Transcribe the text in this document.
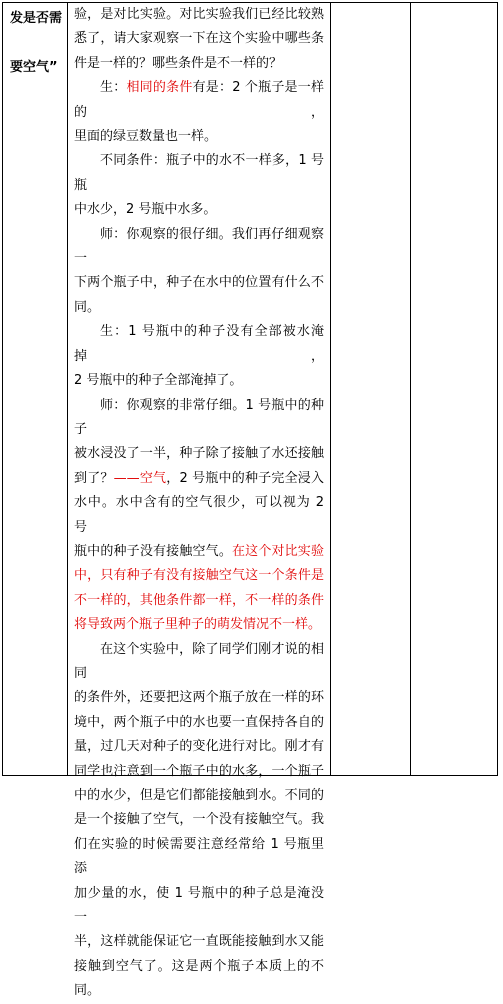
发是否需

要空气”

验，是对比实验。对比实验我们已经比较熟

悉了，请大家观察一下在这个实验中哪些条

件是一样的？哪些条件是不一样的？

生：相同的条件有是：2 个瓶子是一样的，

里面的绿豆数量也一样。

不同条件：瓶子中的水不一样多，1 号瓶

中水少，2 号瓶中水多。

师：你观察的很仔细。我们再仔细观察一

下两个瓶子中，种子在水中的位置有什么不

同。

生：1 号瓶中的种子没有全部被水淹掉，

2 号瓶中的种子全部淹掉了。

师：你观察的非常仔细。1 号瓶中的种子

被水浸没了一半，种子除了接触了水还接触

到了？——空气，2 号瓶中的种子完全浸入

水中。水中含有的空气很少，可以视为 2 号

瓶中的种子没有接触空气。在这个对比实验

中，只有种子有没有接触空气这一个条件是

不一样的，其他条件都一样，不一样的条件

将导致两个瓶子里种子的萌发情况不一样。

在这个实验中，除了同学们刚才说的相同

的条件外，还要把这两个瓶子放在一样的环

境中，两个瓶子中的水也要一直保持各自的

量，过几天对种子的变化进行对比。刚才有

同学也注意到一个瓶子中的水多，一个瓶子

中的水少，但是它们都能接触到水。不同的

是一个接触了空气，一个没有接触空气。我

们在实验的时候需要注意经常给 1 号瓶里添

加少量的水，使 1 号瓶中的种子总是淹没一

半，这样就能保证它一直既能接触到水又能

接触到空气了。这是两个瓶子本质上的不同。
